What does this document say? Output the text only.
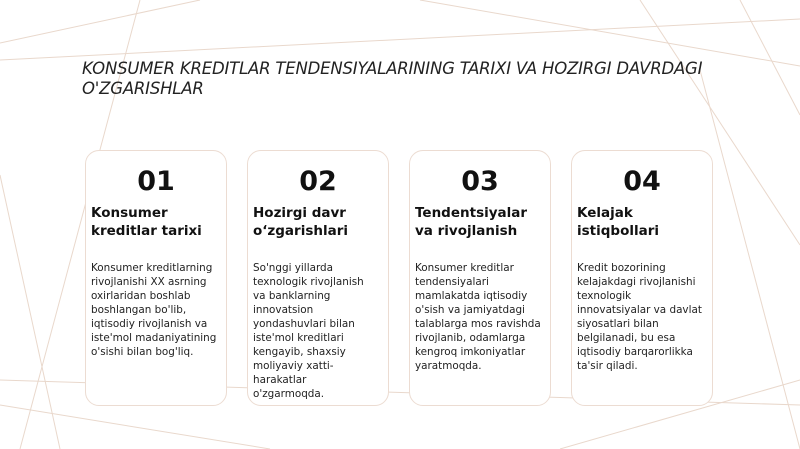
KONSUMER KREDITLAR TENDENSIYALARINING TARIXI VA HOZIRGI DAVRDAGI O'ZGARISHLAR
01	02	03	04
Konsumer kreditlar tarixi
Hozirgi davr o‘zgarishlari
Tendentsiyalar va rivojlanish
Kelajak istiqbollari
Konsumer kreditlarning rivojlanishi XX asrning oxirlaridan boshlab boshlangan bo'lib, iqtisodiy rivojlanish va iste'mol madaniyatining o'sishi bilan bog'liq.
So'nggi yillarda texnologik rivojlanish va banklarning innovatsion yondashuvlari bilan iste'mol kreditlari kengayib, shaxsiy moliyaviy xatti-harakatlar o'zgarmoqda.
Konsumer kreditlar tendensiyalari mamlakatda iqtisodiy o'sish va jamiyatdagi talablarga mos ravishda rivojlanib, odamlarga kengroq imkoniyatlar yaratmoqda.
Kredit bozorining kelajakdagi rivojlanishi texnologik innovatsiyalar va davlat siyosatlari bilan belgilanadi, bu esa iqtisodiy barqarorlikka ta'sir qiladi.
